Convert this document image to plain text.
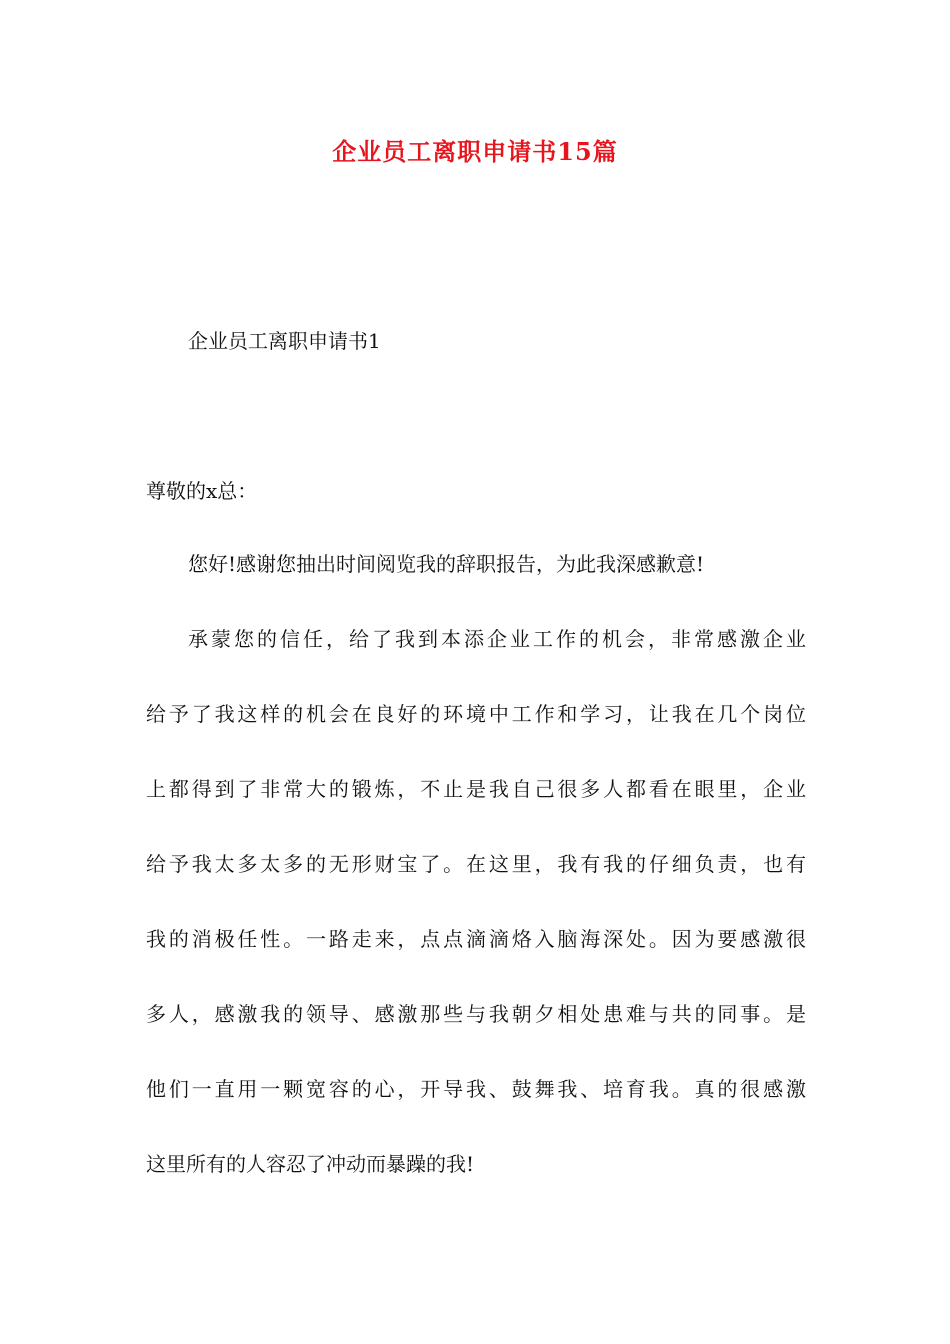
企业员工离职申请书15篇
企业员工离职申请书1
尊敬的x总：

您好!感谢您抽出时间阅览我的辞职报告，为此我深感歉意!

承蒙您的信任，给了我到本添企业工作的机会，非常感激企业
给予了我这样的机会在良好的环境中工作和学习，让我在几个岗位
上都得到了非常大的锻炼，不止是我自己很多人都看在眼里，企业
给予我太多太多的无形财宝了。在这里，我有我的仔细负责，也有
我的消极任性。一路走来，点点滴滴烙入脑海深处。因为要感激很
多人，感激我的领导、感激那些与我朝夕相处患难与共的同事。是
他们一直用一颗宽容的心，开导我、鼓舞我、培育我。真的很感激
这里所有的人容忍了冲动而暴躁的我!
